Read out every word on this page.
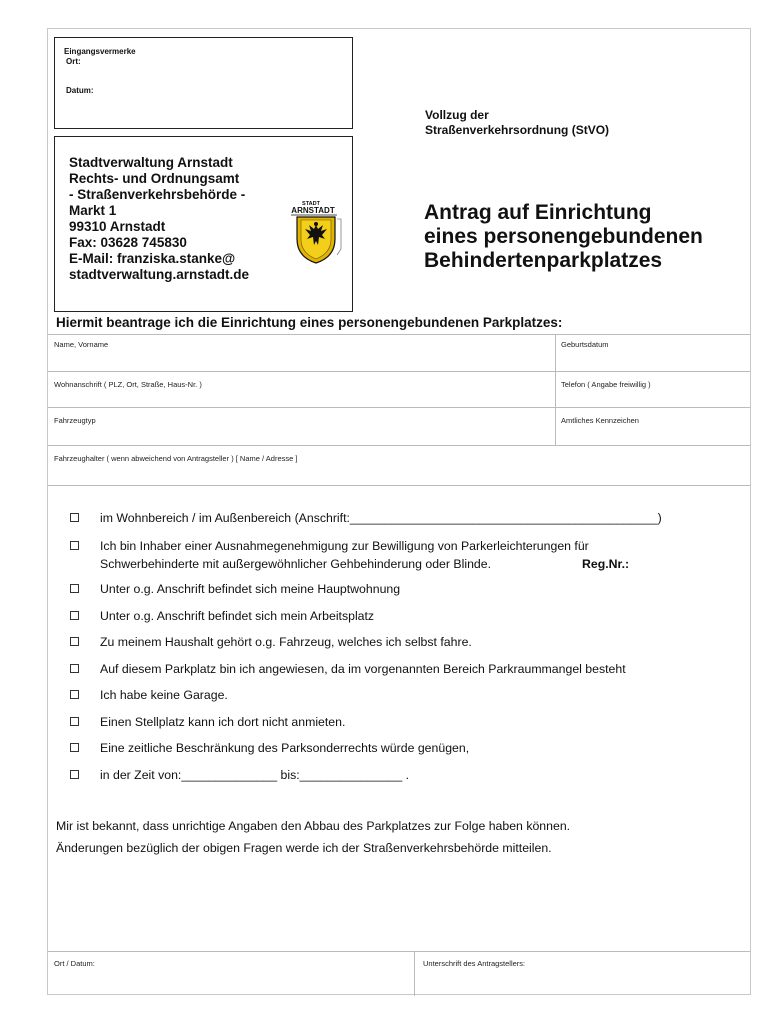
Eingangsvermerke
Ort:
Datum:
Stadtverwaltung Arnstadt
Rechts- und Ordnungsamt
- Straßenverkehrsbehörde -
Markt 1
99310 Arnstadt
Fax: 03628 745830
E-Mail: franziska.stanke@
stadtverwaltung.arnstadt.de
STADT
ARNSTADT
·
Vollzug der
Straßenverkehrsordnung (StVO)
Antrag auf Einrichtung
eines personengebundenen
Behindertenparkplatzes
Hiermit beantrage ich die Einrichtung eines personengebundenen Parkplatzes:
Name, Vorname	Geburtsdatum
Wohnanschrift ( PLZ, Ort, Straße, Haus-Nr. )	Telefon ( Angabe freiwillig )
Fahrzeugtyp	Amtliches Kennzeichen
Fahrzeughalter ( wenn abweichend von Antragsteller ) [ Name / Adresse ]
im Wohnbereich / im Außenbereich (Anschrift:_____________________________________________)
Ich bin Inhaber einer Ausnahmegenehmigung zur Bewilligung von Parkerleichterungen für
Schwerbehinderte mit außergewöhnlicher Gehbehinderung oder Blinde.	Reg.Nr.:
Unter o.g. Anschrift befindet sich meine Hauptwohnung
Unter o.g. Anschrift befindet sich mein Arbeitsplatz
Zu meinem Haushalt gehört o.g. Fahrzeug, welches ich selbst fahre.
Auf diesem Parkplatz bin ich angewiesen, da im vorgenannten Bereich Parkraummangel besteht
Ich habe keine Garage.
Einen Stellplatz kann ich dort nicht anmieten.
Eine zeitliche Beschränkung des Parksonderrechts würde genügen,
in der Zeit von:______________ bis:_______________ .
Mir ist bekannt, dass unrichtige Angaben den Abbau des Parkplatzes zur Folge haben können.
Änderungen bezüglich der obigen Fragen werde ich der Straßenverkehrsbehörde mitteilen.
Ort / Datum:	Unterschrift des Antragstellers:
